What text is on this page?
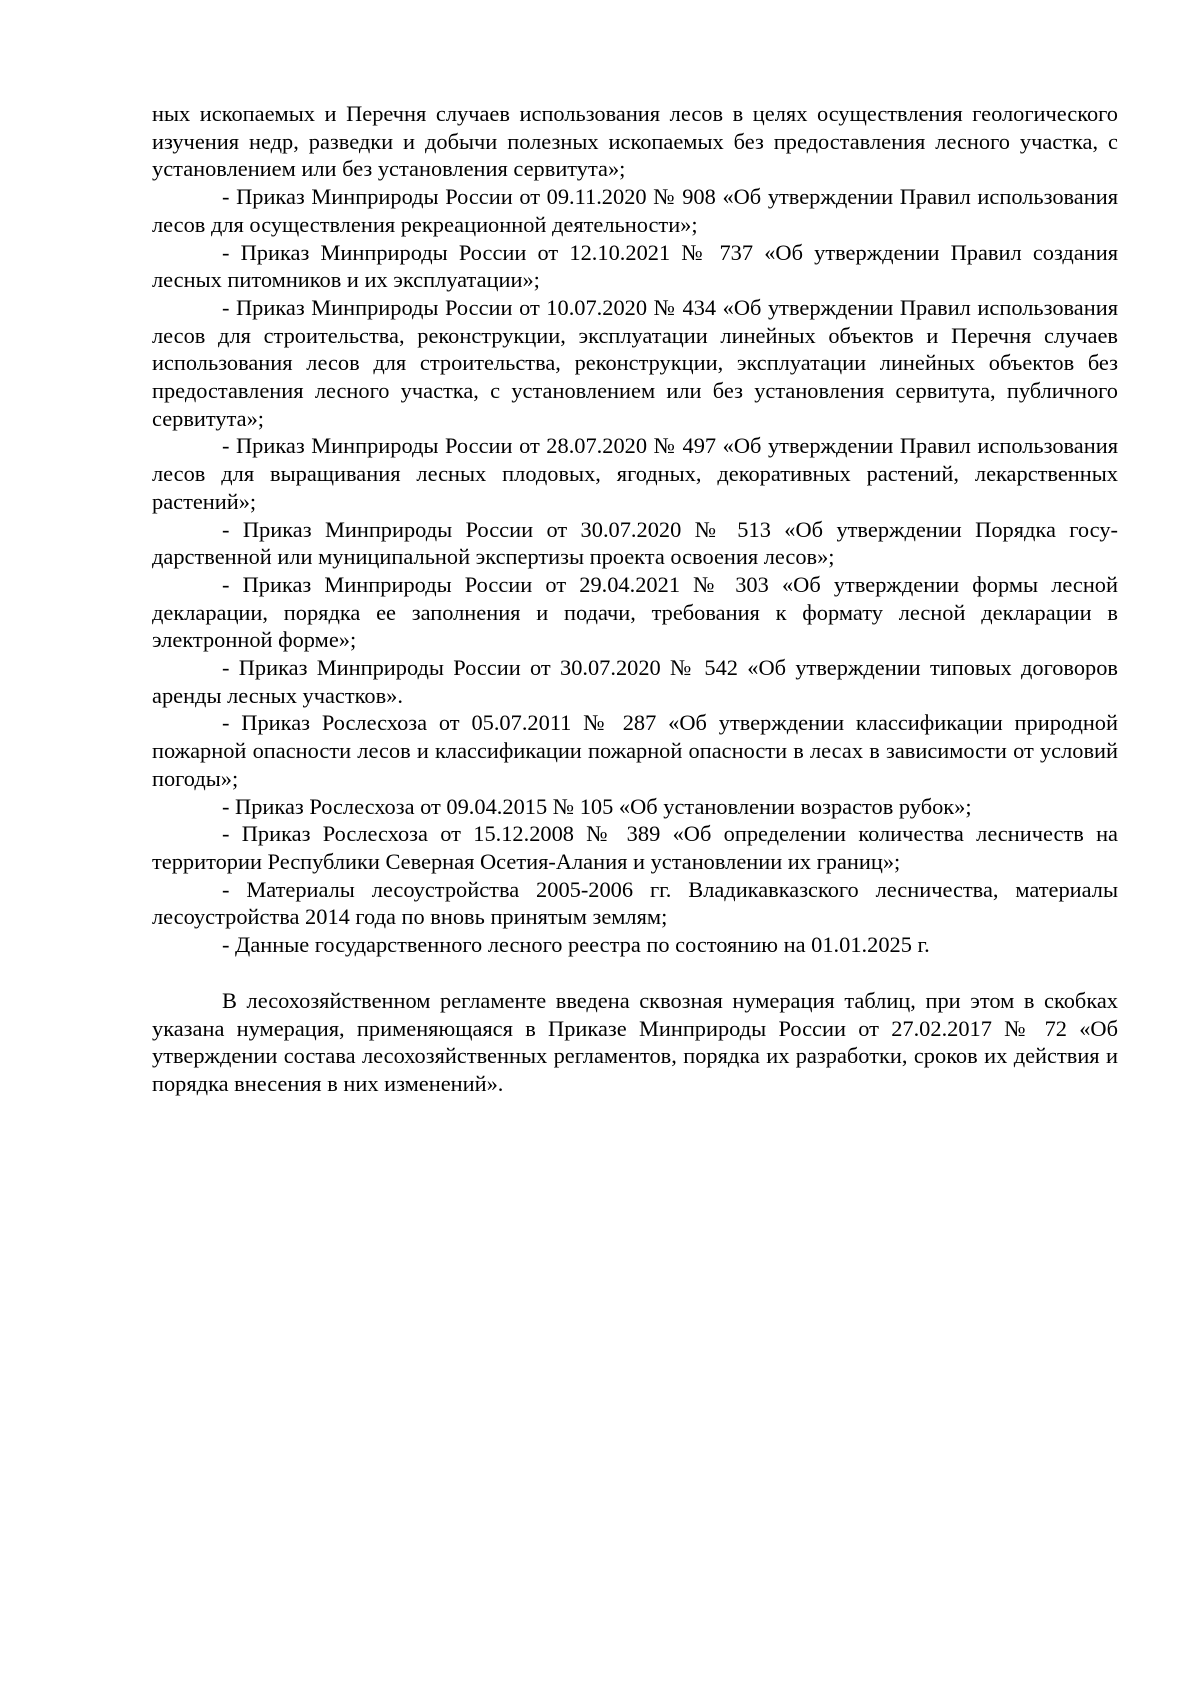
ных ископаемых и Перечня случаев использования лесов в целях осуществления геологического изучения недр, разведки и добычи полезных ископаемых без предоставления лесного участка, с установлением или без установления сервитута»;

- Приказ Минприроды России от 09.11.2020 № 908 «Об утверждении Правил использования лесов для осуществления рекреационной деятельности»;

- Приказ Минприроды России от 12.10.2021 № 737 «Об утверждении Правил создания лесных питомников и их эксплуатации»;

- Приказ Минприроды России от 10.07.2020 № 434 «Об утверждении Правил использования лесов для строительства, реконструкции, эксплуатации линейных объектов и Перечня случаев использования лесов для строительства, реконструкции, эксплуатации линейных объектов без предоставления лесного участка, с установлением или без установления сервитута, публичного сервитута»;

- Приказ Минприроды России от 28.07.2020 № 497 «Об утверждении Правил использования лесов для выращивания лесных плодовых, ягодных, декоративных растений, лекарственных растений»;

- Приказ Минприроды России от 30.07.2020 № 513 «Об утверждении Порядка государственной или муниципальной экспертизы проекта освоения лесов»;

- Приказ Минприроды России от 29.04.2021 № 303 «Об утверждении формы лесной декларации, порядка ее заполнения и подачи, требования к формату лесной декларации в электронной форме»;

- Приказ Минприроды России от 30.07.2020 № 542 «Об утверждении типовых договоров аренды лесных участков».

- Приказ Рослесхоза от 05.07.2011 № 287 «Об утверждении классификации природной пожарной опасности лесов и классификации пожарной опасности в лесах в зависимости от условий погоды»;

- Приказ Рослесхоза от 09.04.2015 № 105 «Об установлении возрастов рубок»;

- Приказ Рослесхоза от 15.12.2008 № 389 «Об определении количества лесничеств на территории Республики Северная Осетия-Алания и установлении их границ»;

- Материалы лесоустройства 2005-2006 гг. Владикавказского лесничества, материалы лесоустройства 2014 года по вновь принятым землям;

- Данные государственного лесного реестра по состоянию на 01.01.2025 г.

В лесохозяйственном регламенте введена сквозная нумерация таблиц, при этом в скобках указана нумерация, применяющаяся в Приказе Минприроды России от 27.02.2017 № 72 «Об утверждении состава лесохозяйственных регламентов, порядка их разработки, сроков их действия и порядка внесения в них изменений».
